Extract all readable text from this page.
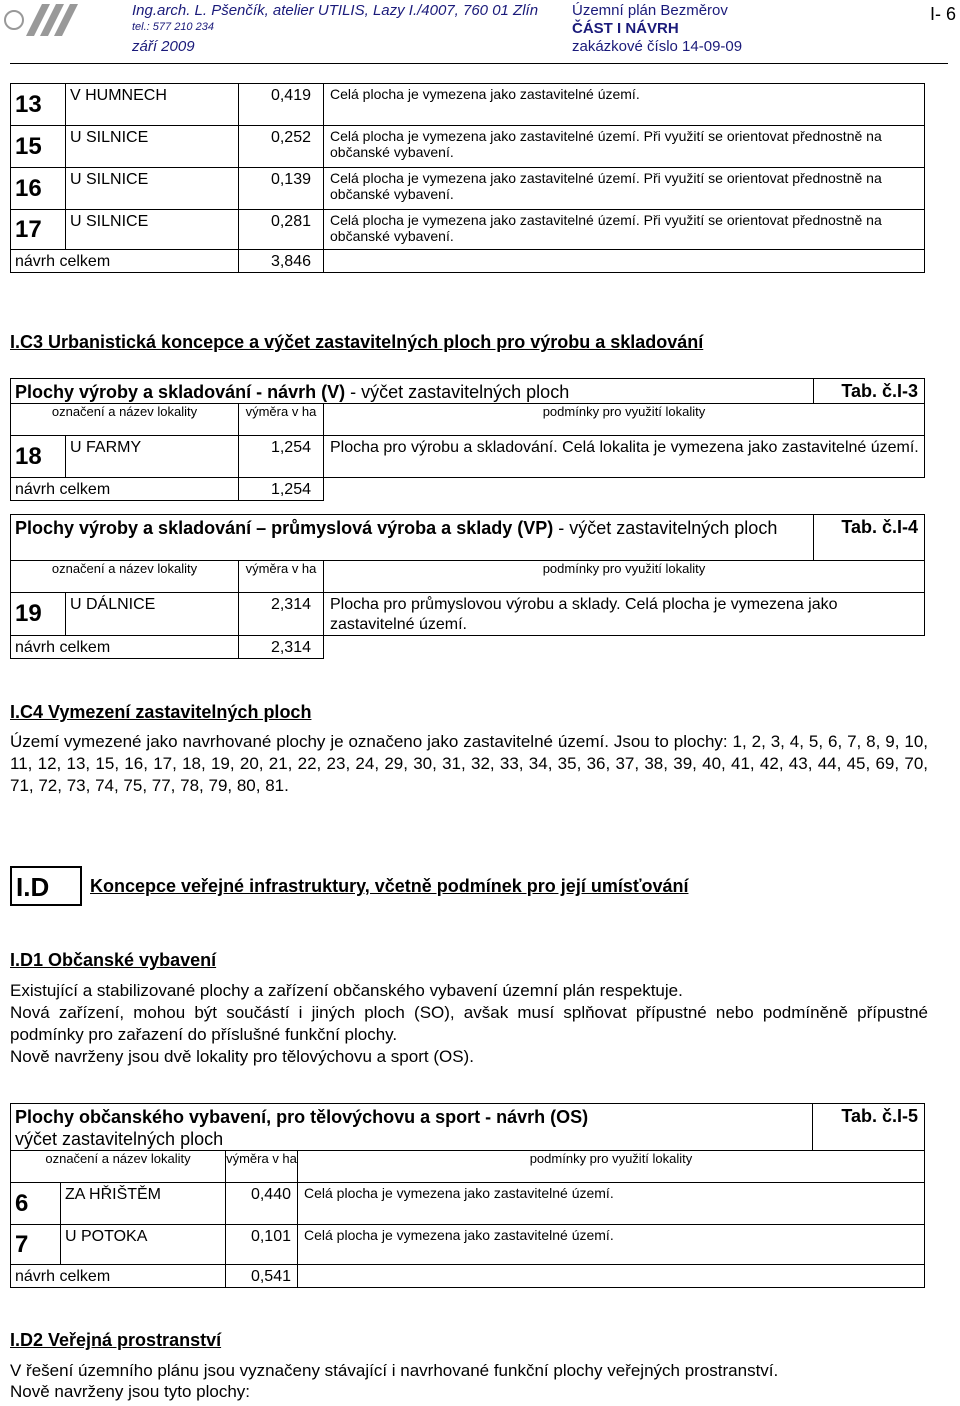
Ing.arch. L. Pšenčík, atelier UTILIS, Lazy I./4007, 760 01 Zlín
tel.: 577 210 234
září 2009
Územní plán Bezměrov
ČÁST I NÁVRH
zakázkové číslo 14-09-09
I- 6
13	V HUMNECH	0,419	Celá plocha je vymezena jako zastavitelné území.
15	U SILNICE	0,252	Celá plocha je vymezena jako zastavitelné území. Při využití se orientovat přednostně na občanské vybavení.
16	U SILNICE	0,139	Celá plocha je vymezena jako zastavitelné území. Při využití se orientovat přednostně na občanské vybavení.
17	U SILNICE	0,281	Celá plocha je vymezena jako zastavitelné území. Při využití se orientovat přednostně na občanské vybavení.
návrh celkem		3,846	
I.C3 Urbanistická koncepce a výčet zastavitelných ploch pro výrobu a skladování
Plochy výroby a skladování - návrh (V) - výčet zastavitelných ploch				Tab. č.I-3
označení a název lokality		výměra v ha	podmínky pro využití lokality	
18	U FARMY	1,254	Plocha pro výrobu a skladování. Celá lokalita je vymezena jako zastavitelné území.	
návrh celkem		1,254		
Plochy výroby a skladování – průmyslová výroba a sklady (VP) - výčet zastavitelných ploch				Tab. č.I-4
označení a název lokality		výměra v ha	podmínky pro využití lokality	
19	U DÁLNICE	2,314	Plocha pro průmyslovou výrobu a sklady. Celá plocha je vymezena jako zastavitelné území.	
návrh celkem		2,314		
I.C4 Vymezení zastavitelných ploch
Území vymezené jako navrhované plochy je označeno jako zastavitelné území. Jsou to plochy: 1, 2, 3, 4, 5, 6, 7, 8, 9, 10, 11, 12, 13, 15, 16, 17, 18, 19, 20, 21, 22, 23, 24, 29, 30, 31, 32, 33, 34, 35, 36, 37, 38, 39, 40, 41, 42, 43, 44, 45, 69, 70, 71, 72, 73, 74, 75, 77, 78, 79, 80, 81.
I.D	Koncepce veřejné infrastruktury, včetně podmínek pro její umísťování
I.D1 Občanské vybavení
Existující a stabilizované plochy a zařízení občanského vybavení územní plán respektuje.
Nová zařízení, mohou být součástí i jiných ploch (SO), avšak musí splňovat přípustné nebo podmíněně přípustné podmínky pro zařazení do příslušné funkční plochy.
Nově navrženy jsou dvě lokality pro tělovýchovu a sport (OS).
Plochy občanského vybavení, pro tělovýchovu a sport - návrh (OS)
výčet zastavitelných ploch				Tab. č.I-5
označení a název lokality		výměra v ha	podmínky pro využití lokality	
6	ZA HŘIŠTĚM	0,440	Celá plocha je vymezena jako zastavitelné území.	
7	U POTOKA	0,101	Celá plocha je vymezena jako zastavitelné území.	
návrh celkem		0,541		
I.D2 Veřejná prostranství
V řešení územního plánu jsou vyznačeny stávající i navrhované funkční plochy veřejných prostranství.
Nově navrženy jsou tyto plochy:
